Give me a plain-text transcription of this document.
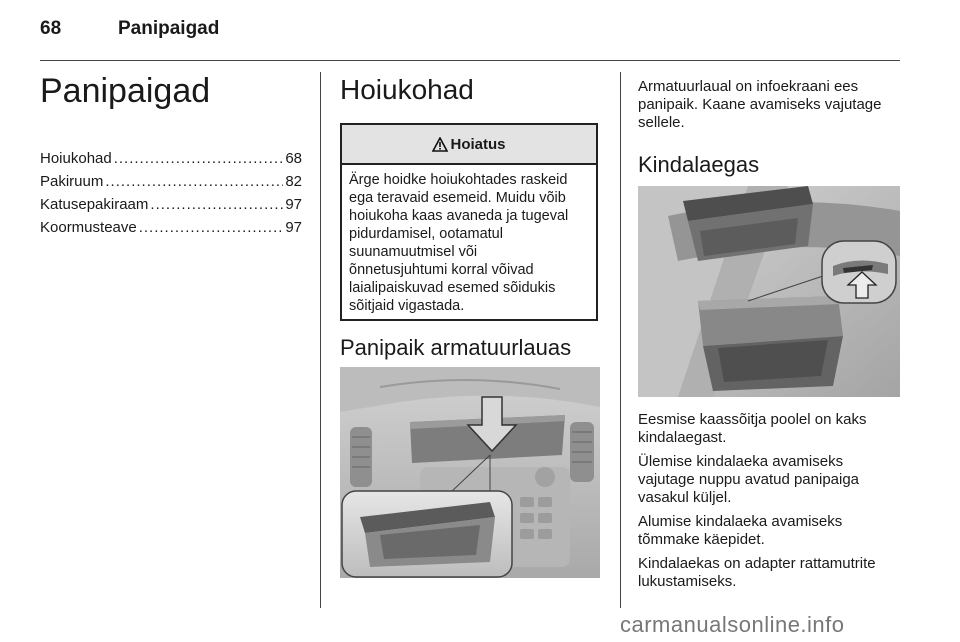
68	Panipaigad
Panipaigad
Hoiukohad .....	68
Pakiruum .....	82
Katusepakiraam .....	97
Koormusteave .....	97
Hoiukohad
Hoiatus
Ärge hoidke hoiukohtades raskeid
ega teravaid esemeid. Muidu võib
hoiukoha kaas avaneda ja tugeval
pidurdamisel, ootamatul
suunamuutmisel või
õnnetusjuhtumi korral võivad
laialipaiskuvad esemed sõidukis
sõitjaid vigastada.
Panipaik armatuurlauas
Armatuurlaual on infoekraani ees
panipaik. Kaane avamiseks vajutage
sellele.
Kindalaegas
Eesmise kaassõitja poolel on kaks
kindalaegast.
Ülemise kindalaeka avamiseks
vajutage nuppu avatud panipaiga
vasakul küljel.
Alumise kindalaeka avamiseks
tõmmake käepidet.
Kindalaekas on adapter rattamutrite
lukustamiseks.
carmanualsonline.info
